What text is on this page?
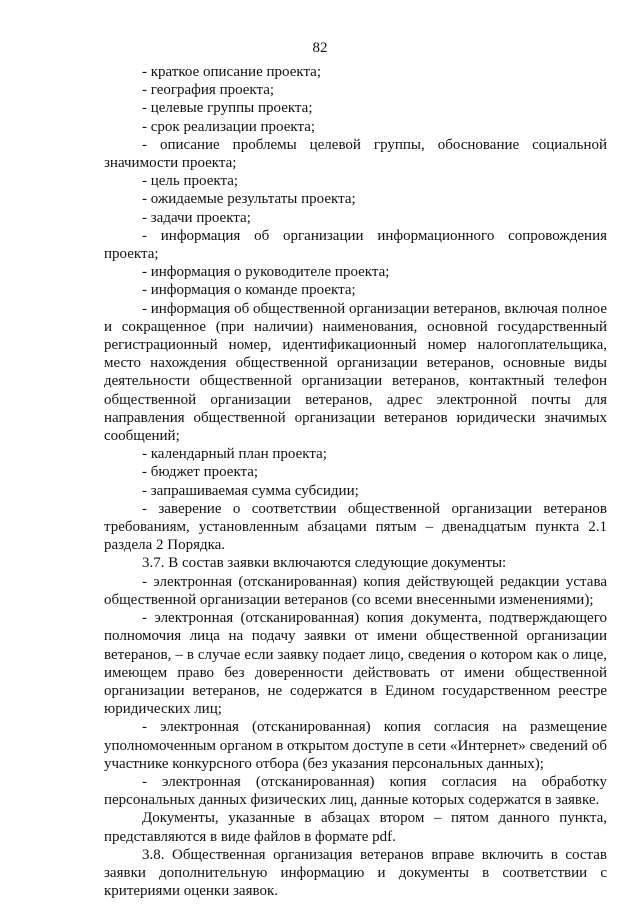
82

- краткое описание проекта;

- география проекта;

- целевые группы проекта;

- срок реализации проекта;

- описание проблемы целевой группы, обоснование социальной значимости проекта;

- цель проекта;

- ожидаемые результаты проекта;

- задачи проекта;

- информация об организации информационного сопровождения проекта;

- информация о руководителе проекта;

- информация о команде проекта;

- информация об общественной организации ветеранов, включая полное и сокращенное (при наличии) наименования, основной государственный регистрационный номер, идентификационный номер налогоплательщика, место нахождения общественной организации ветеранов, основные виды деятельности общественной организации ветеранов, контактный телефон общественной организации ветеранов, адрес электронной почты для направления общественной организации ветеранов юридически значимых сообщений;

- календарный план проекта;

- бюджет проекта;

- запрашиваемая сумма субсидии;

- заверение о соответствии общественной организации ветеранов требованиям, установленным абзацами пятым – двенадцатым пункта 2.1 раздела 2 Порядка.

3.7. В состав заявки включаются следующие документы:

- электронная (отсканированная) копия действующей редакции устава общественной организации ветеранов (со всеми внесенными изменениями);

- электронная (отсканированная) копия документа, подтверждающего полномочия лица на подачу заявки от имени общественной организации ветеранов, – в случае если заявку подает лицо, сведения о котором как о лице, имеющем право без доверенности действовать от имени общественной организации ветеранов, не содержатся в Едином государственном реестре юридических лиц;

- электронная (отсканированная) копия согласия на размещение уполномоченным органом в открытом доступе в сети «Интернет» сведений об участнике конкурсного отбора (без указания персональных данных);

- электронная (отсканированная) копия согласия на обработку персональных данных физических лиц, данные которых содержатся в заявке.

Документы, указанные в абзацах втором – пятом данного пункта, представляются в виде файлов в формате pdf.

3.8. Общественная организация ветеранов вправе включить в состав заявки дополнительную информацию и документы в соответствии с критериями оценки заявок.
